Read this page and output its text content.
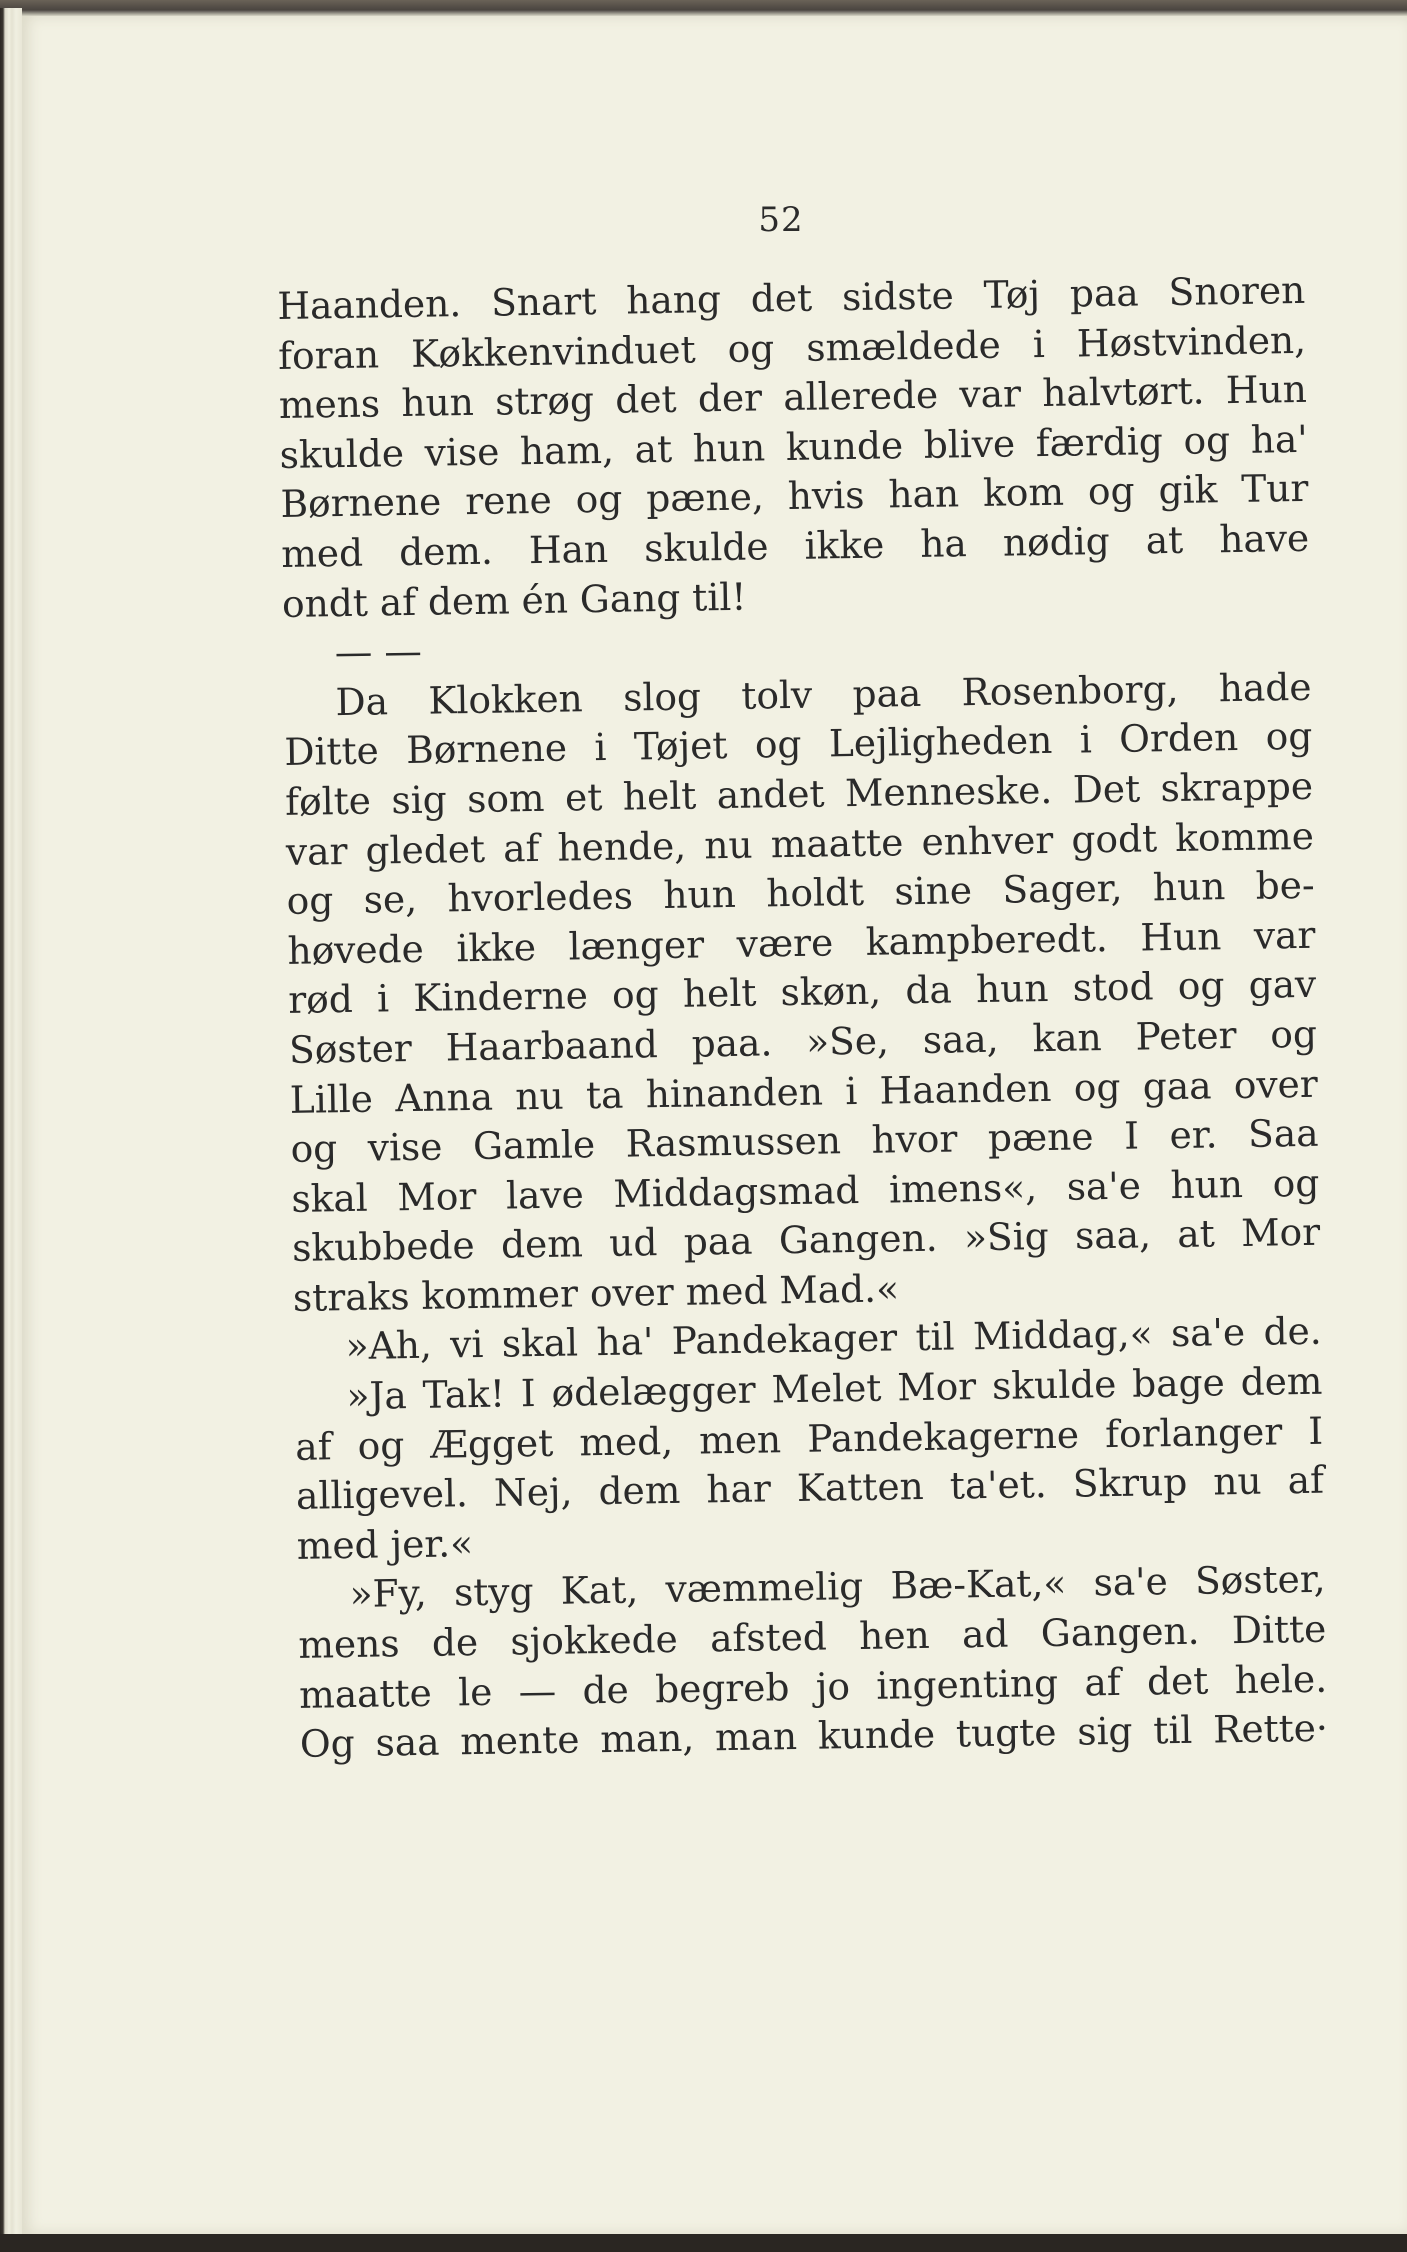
52
Haanden. Snart hang det sidste Tøj paa Snoren
foran Køkkenvinduet og smældede i Høstvinden,
mens hun strøg det der allerede var halvtørt. Hun
skulde vise ham, at hun kunde blive færdig og ha'
Børnene rene og pæne, hvis han kom og gik Tur
med dem. Han skulde ikke ha nødig at have
ondt af dem én Gang til!
— —
Da Klokken slog tolv paa Rosenborg, hade
Ditte Børnene i Tøjet og Lejligheden i Orden og
følte sig som et helt andet Menneske. Det skrappe
var gledet af hende, nu maatte enhver godt komme
og se, hvorledes hun holdt sine Sager, hun be-
høvede ikke længer være kampberedt. Hun var
rød i Kinderne og helt skøn, da hun stod og gav
Søster Haarbaand paa. »Se, saa, kan Peter og
Lille Anna nu ta hinanden i Haanden og gaa over
og vise Gamle Rasmussen hvor pæne I er. Saa
skal Mor lave Middagsmad imens«, sa'e hun og
skubbede dem ud paa Gangen. »Sig saa, at Mor
straks kommer over med Mad.«
»Ah, vi skal ha' Pandekager til Middag,« sa'e de.
»Ja Tak! I ødelægger Melet Mor skulde bage dem
af og Ægget med, men Pandekagerne forlanger I
alligevel. Nej, dem har Katten ta'et. Skrup nu af
med jer.«
»Fy, styg Kat, væmmelig Bæ-Kat,« sa'e Søster,
mens de sjokkede afsted hen ad Gangen. Ditte
maatte le — de begreb jo ingenting af det hele.
Og saa mente man, man kunde tugte sig til Rette·
